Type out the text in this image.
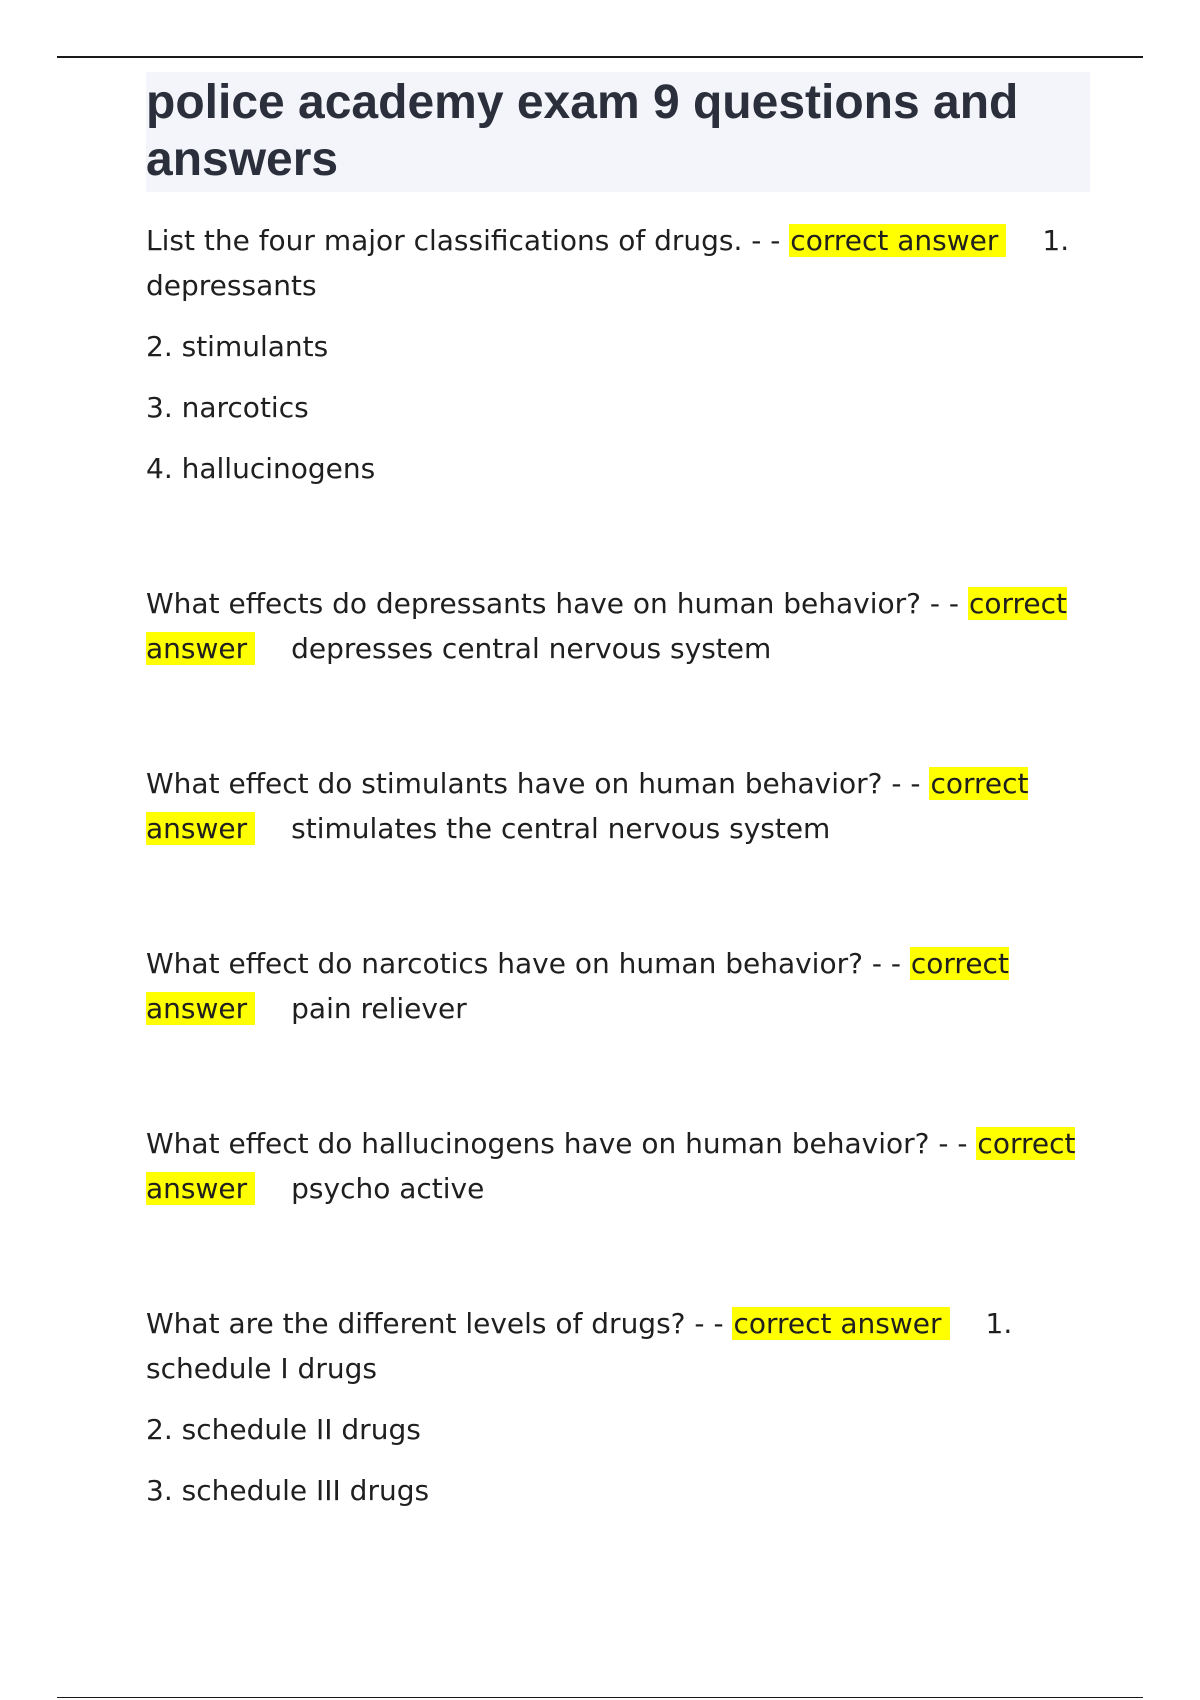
police academy exam 9 questions and answers

List the four major classifications of drugs. - - correct answer 1. depressants

2. stimulants

3. narcotics

4. hallucinogens

What effects do depressants have on human behavior? - - correct answer depresses central nervous system

What effect do stimulants have on human behavior? - - correct answer stimulates the central nervous system

What effect do narcotics have on human behavior? - - correct answer pain reliever

What effect do hallucinogens have on human behavior? - - correct answer psycho active

What are the different levels of drugs? - - correct answer 1. schedule I drugs

2. schedule II drugs

3. schedule III drugs
